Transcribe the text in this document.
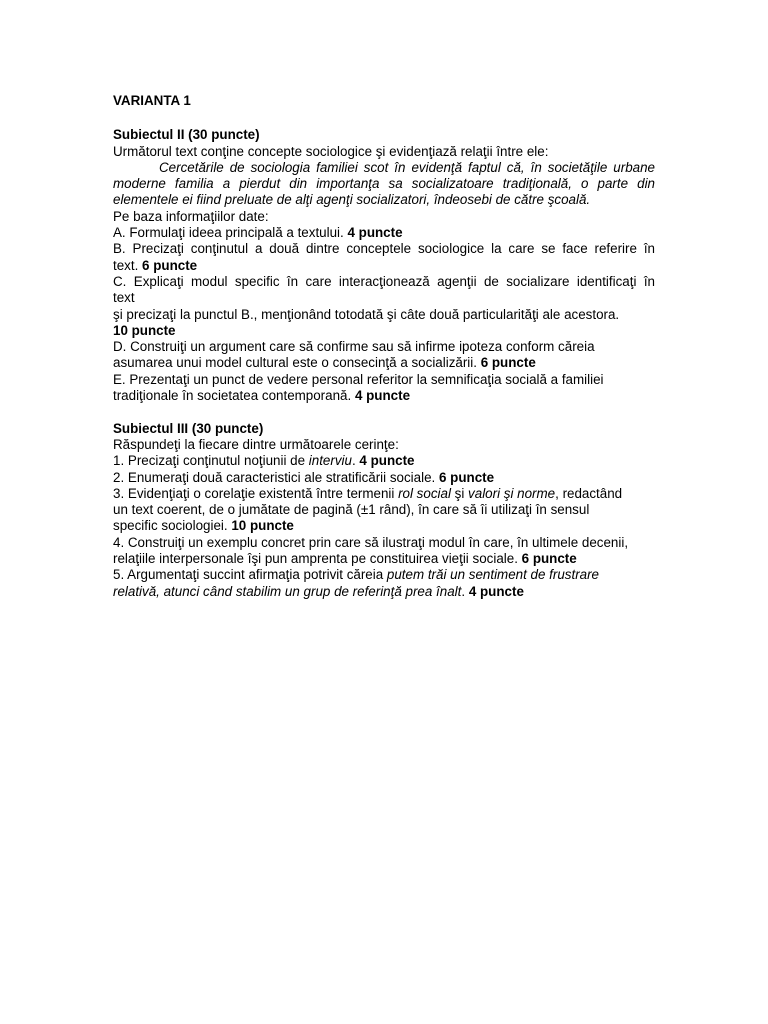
VARIANTA 1
Subiectul II (30 puncte)
Următorul text conţine concepte sociologice şi evidenţiază relaţii între ele:
Cercetările de sociologia familiei scot în evidenţă faptul că, în societăţile urbane
moderne familia a pierdut din importanţa sa socializatoare tradiţională, o parte din
elementele ei fiind preluate de alţi agenţi socializatori, îndeosebi de către şcoală.
Pe baza informaţiilor date:
A. Formulaţi ideea principală a textului. 4 puncte
B. Precizaţi conţinutul a două dintre conceptele sociologice la care se face referire în
text. 6 puncte
C. Explicaţi modul specific în care interacţionează agenţii de socializare identificaţi în
text
şi precizaţi la punctul B., menţionând totodată şi câte două particularităţi ale acestora.
10 puncte
D. Construiţi un argument care să confirme sau să infirme ipoteza conform căreia
asumarea unui model cultural este o consecinţă a socializării. 6 puncte
E. Prezentaţi un punct de vedere personal referitor la semnificaţia socială a familiei
tradiţionale în societatea contemporană. 4 puncte
Subiectul III (30 puncte)
Răspundeţi la fiecare dintre următoarele cerinţe:
1. Precizaţi conţinutul noţiunii de interviu. 4 puncte
2. Enumeraţi două caracteristici ale stratificării sociale. 6 puncte
3. Evidenţiaţi o corelaţie existentă între termenii rol social şi valori şi norme, redactând
un text coerent, de o jumătate de pagină (±1 rând), în care să îi utilizaţi în sensul
specific sociologiei. 10 puncte
4. Construiţi un exemplu concret prin care să ilustraţi modul în care, în ultimele decenii,
relaţiile interpersonale îşi pun amprenta pe constituirea vieţii sociale. 6 puncte
5. Argumentaţi succint afirmaţia potrivit căreia putem trăi un sentiment de frustrare
relativă, atunci când stabilim un grup de referinţă prea înalt. 4 puncte
